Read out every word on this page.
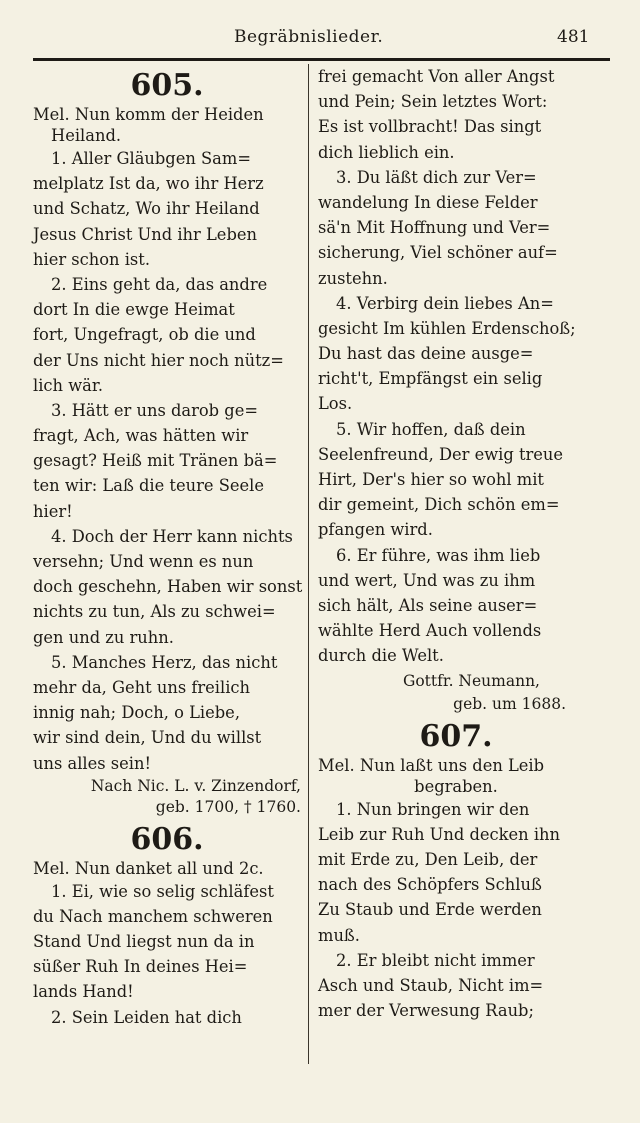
Begräbnislieder.	481
605.
Mel. Nun komm der Heiden
Heiland.
1. Aller Gläubgen Sam=
melplatz Ist da, wo ihr Herz
und Schatz, Wo ihr Heiland
Jesus Christ Und ihr Leben
hier schon ist.
2. Eins geht da, das andre
dort In die ewge Heimat
fort, Ungefragt, ob die und
der Uns nicht hier noch nütz=
lich wär.
3. Hätt er uns darob ge=
fragt, Ach, was hätten wir
gesagt? Heiß mit Tränen bä=
ten wir: Laß die teure Seele
hier!
4. Doch der Herr kann nichts
versehn; Und wenn es nun
doch geschehn, Haben wir sonst
nichts zu tun, Als zu schwei=
gen und zu ruhn.
5. Manches Herz, das nicht
mehr da, Geht uns freilich
innig nah; Doch, o Liebe,
wir sind dein, Und du willst
uns alles sein!
Nach Nic. L. v. Zinzendorf,
geb. 1700, † 1760.
606.
Mel. Nun danket all und 2c.
1. Ei, wie so selig schläfest
du Nach manchem schweren
Stand Und liegst nun da in
süßer Ruh In deines Hei=
lands Hand!
2. Sein Leiden hat dich
frei gemacht Von aller Angst
und Pein; Sein letztes Wort:
Es ist vollbracht! Das singt
dich lieblich ein.
3. Du läßt dich zur Ver=
wandelung In diese Felder
sä'n Mit Hoffnung und Ver=
sicherung, Viel schöner auf=
zustehn.
4. Verbirg dein liebes An=
gesicht Im kühlen Erdenschoß;
Du hast das deine ausge=
richt't, Empfängst ein selig
Los.
5. Wir hoffen, daß dein
Seelenfreund, Der ewig treue
Hirt, Der's hier so wohl mit
dir gemeint, Dich schön em=
pfangen wird.
6. Er führe, was ihm lieb
und wert, Und was zu ihm
sich hält, Als seine auser=
wählte Herd Auch vollends
durch die Welt.
Gottfr. Neumann,
geb. um 1688.
607.
Mel. Nun laßt uns den Leib
begraben.
1. Nun bringen wir den
Leib zur Ruh Und decken ihn
mit Erde zu, Den Leib, der
nach des Schöpfers Schluß
Zu Staub und Erde werden
muß.
2. Er bleibt nicht immer
Asch und Staub, Nicht im=
mer der Verwesung Raub;
